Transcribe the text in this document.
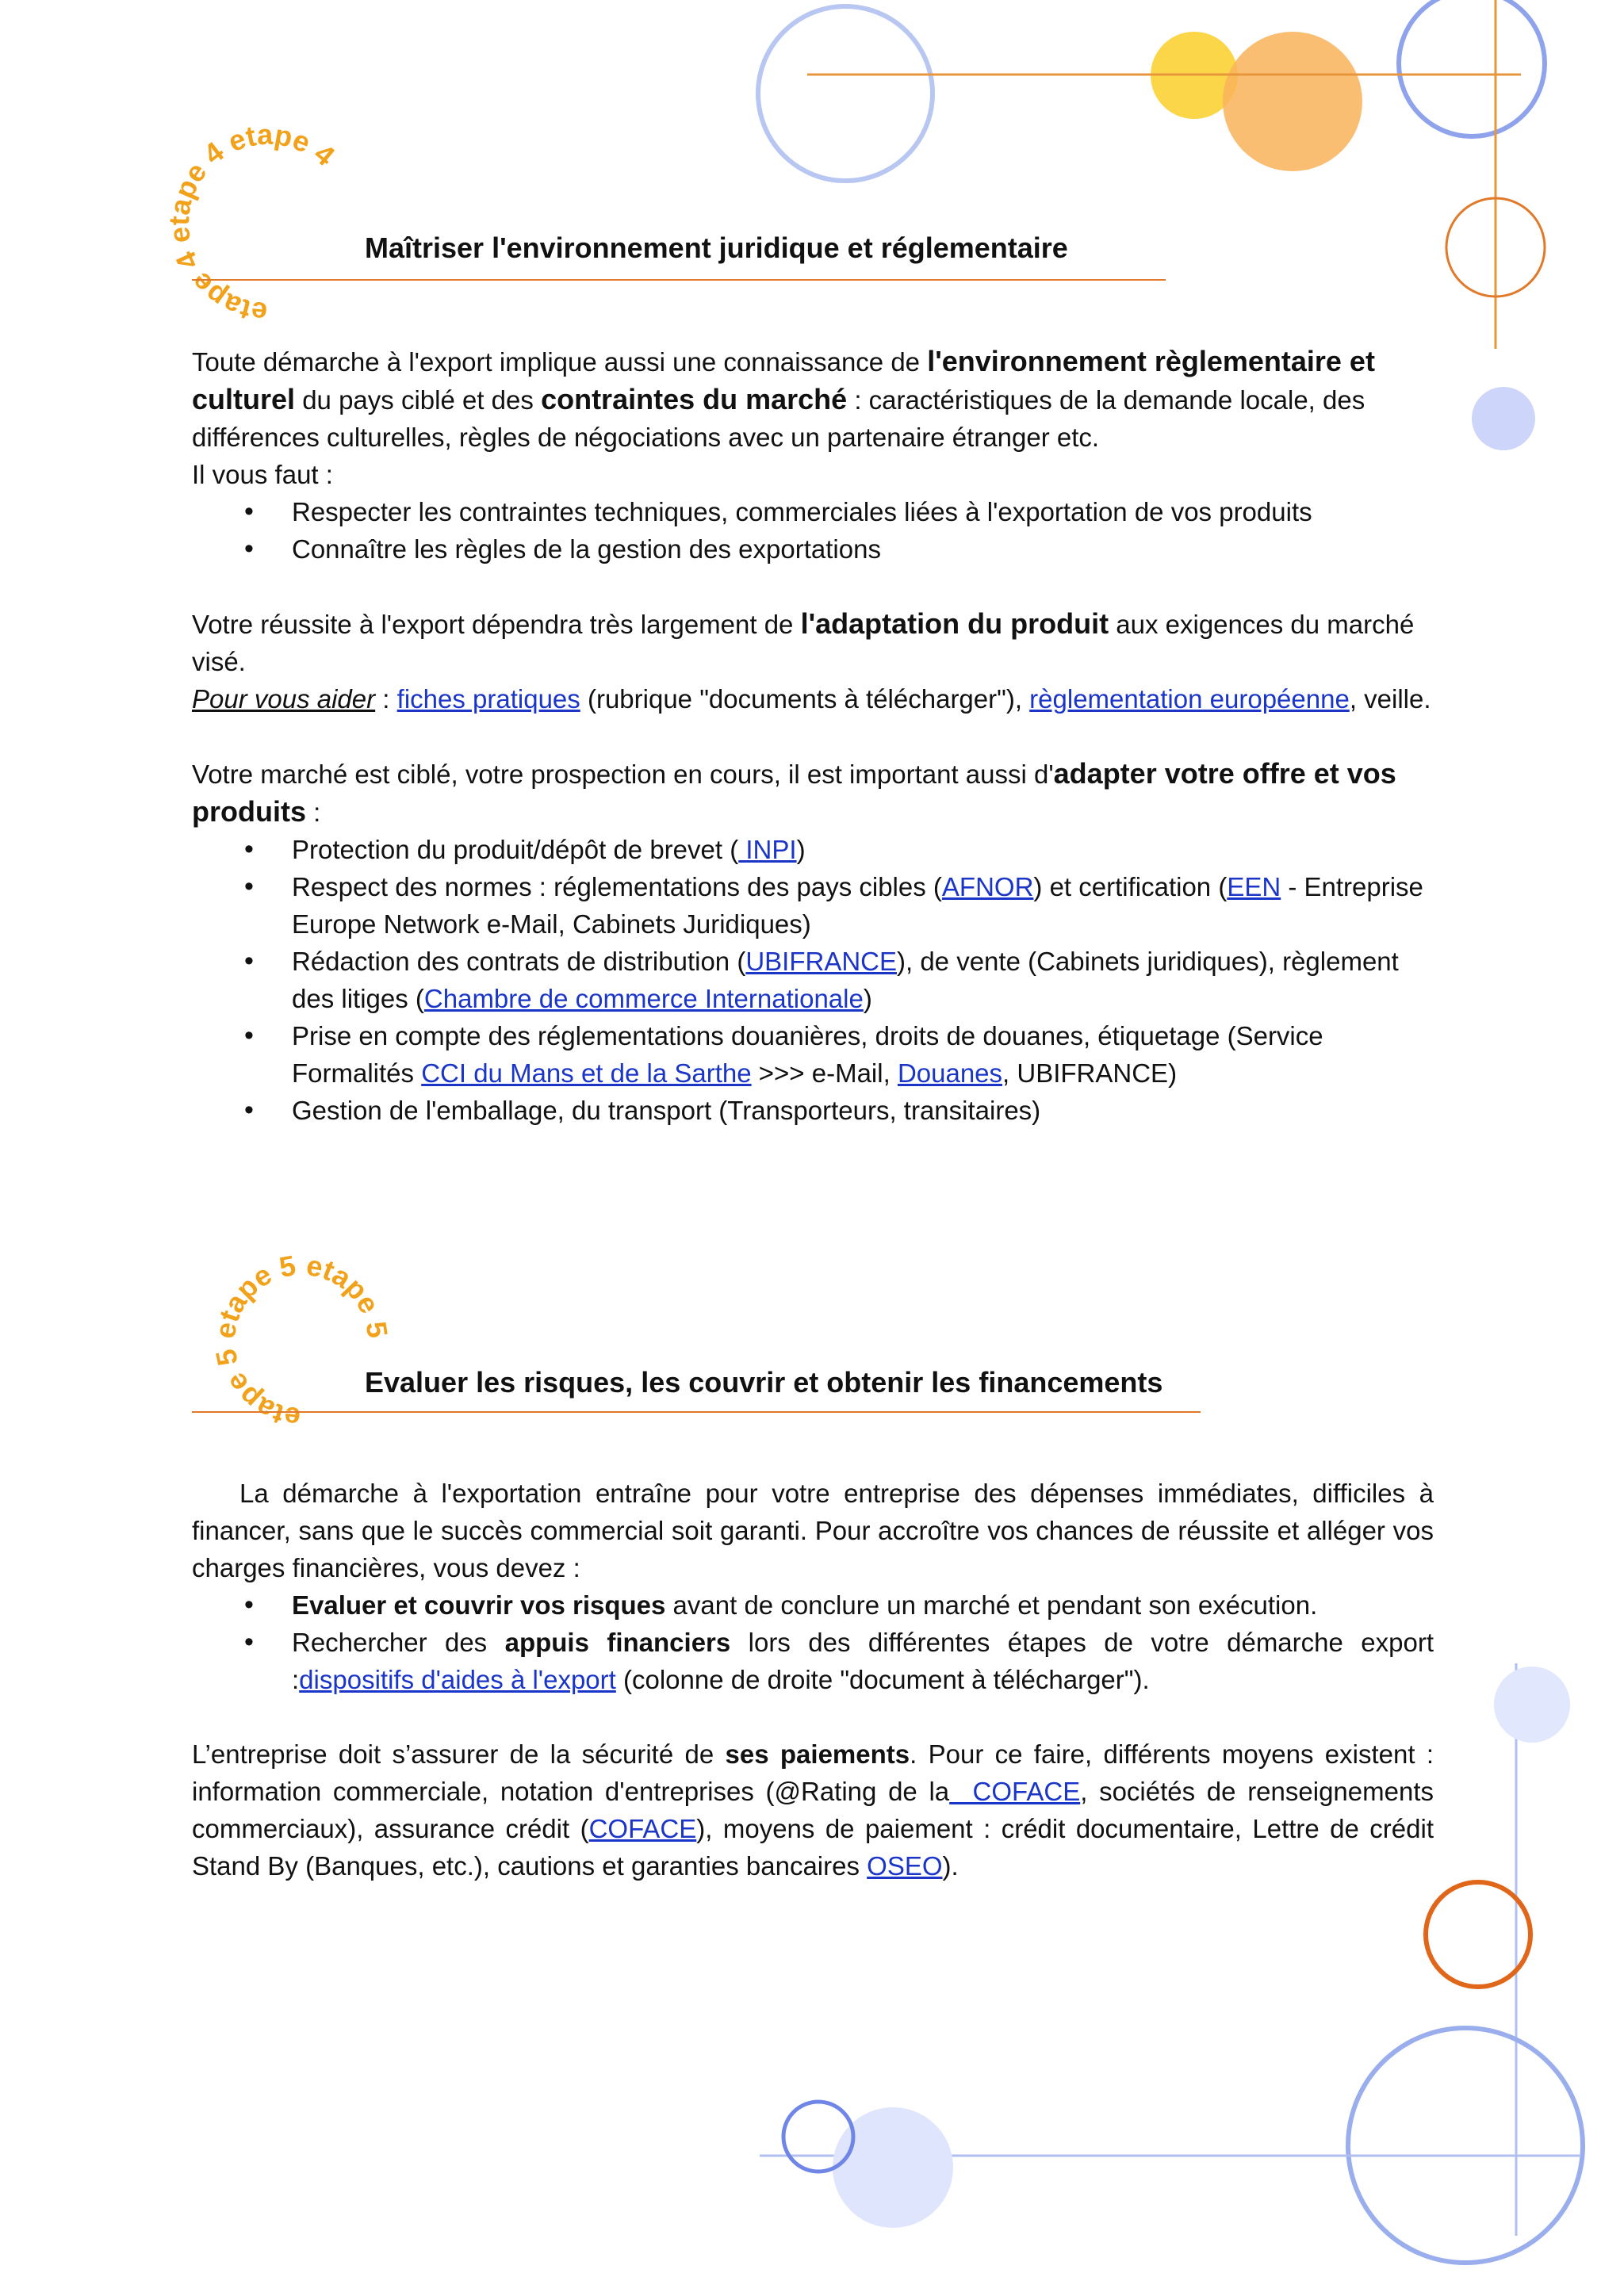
etape 4 etape 4 etape 4
etape 5 etape 5 etape 5
Maîtriser l'environnement juridique et réglementaire

Toute démarche à l'export implique aussi une connaissance de l'environnement règlementaire et culturel du pays ciblé et des contraintes du marché : caractéristiques de la demande locale, des différences culturelles, règles de négociations avec un partenaire étranger etc.

Il vous faut :

• Respecter les contraintes techniques, commerciales liées à l'exportation de vos produits
• Connaître les règles de la gestion des exportations

Votre réussite à l'export dépendra très largement de l'adaptation du produit aux exigences du marché visé.

Pour vous aider : fiches pratiques (rubrique "documents à télécharger"), règlementation européenne, veille.

Votre marché est ciblé, votre prospection en cours, il est important aussi d'adapter votre offre et vos produits :

• Protection du produit/dépôt de brevet ( INPI)
• Respect des normes : réglementations des pays cibles (AFNOR) et certification (EEN - Entreprise Europe Network e-Mail, Cabinets Juridiques)
• Rédaction des contrats de distribution (UBIFRANCE), de vente (Cabinets juridiques), règlement des litiges (Chambre de commerce Internationale)
• Prise en compte des réglementations douanières, droits de douanes, étiquetage (Service Formalités CCI du Mans et de la Sarthe >>> e-Mail, Douanes, UBIFRANCE)
• Gestion de l'emballage, du transport (Transporteurs, transitaires)
Evaluer les risques, les couvrir et obtenir les financements

La démarche à l'exportation entraîne pour votre entreprise des dépenses immédiates, difficiles à financer, sans que le succès commercial soit garanti. Pour accroître vos chances de réussite et alléger vos charges financières, vous devez :

• Evaluer et couvrir vos risques avant de conclure un marché et pendant son exécution.
• Rechercher des appuis financiers lors des différentes étapes de votre démarche export :dispositifs d'aides à l'export (colonne de droite "document à télécharger").

L’entreprise doit s’assurer de la sécurité de ses paiements. Pour ce faire, différents moyens existent : information commerciale, notation d'entreprises (@Rating de la  COFACE, sociétés de renseignements commerciaux), assurance crédit (COFACE), moyens de paiement : crédit documentaire, Lettre de crédit Stand By (Banques, etc.), cautions et garanties bancaires OSEO).
